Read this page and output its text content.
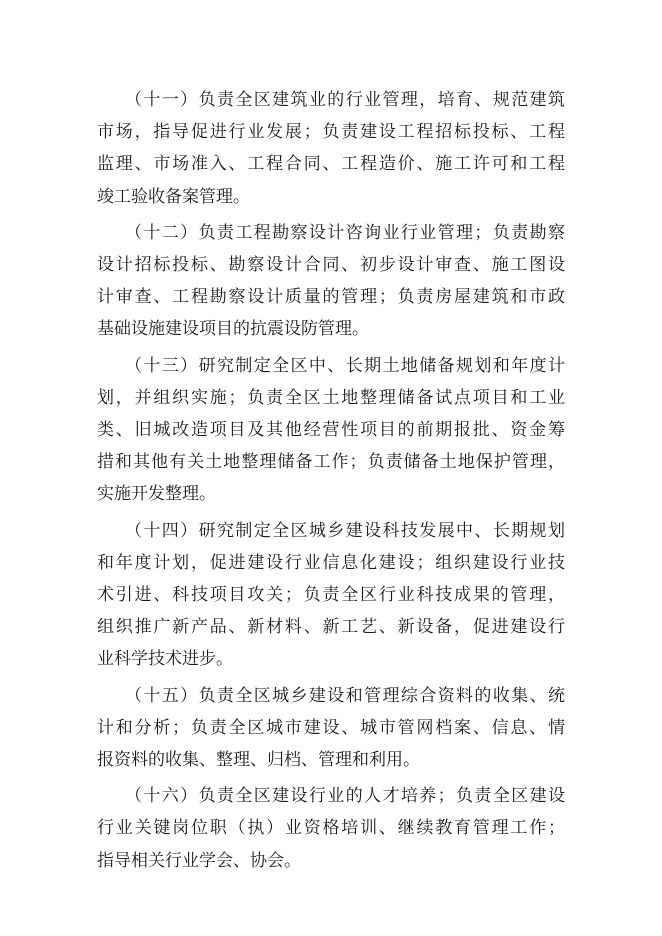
（十一）负责全区建筑业的行业管理，培育、规范建筑
市场，指导促进行业发展；负责建设工程招标投标、工程
监理、市场准入、工程合同、工程造价、施工许可和工程
竣工验收备案管理。

（十二）负责工程勘察设计咨询业行业管理；负责勘察
设计招标投标、勘察设计合同、初步设计审查、施工图设
计审查、工程勘察设计质量的管理；负责房屋建筑和市政
基础设施建设项目的抗震设防管理。

（十三）研究制定全区中、长期土地储备规划和年度计
划，并组织实施；负责全区土地整理储备试点项目和工业
类、旧城改造项目及其他经营性项目的前期报批、资金筹
措和其他有关土地整理储备工作；负责储备土地保护管理，
实施开发整理。

（十四）研究制定全区城乡建设科技发展中、长期规划
和年度计划，促进建设行业信息化建设；组织建设行业技
术引进、科技项目攻关；负责全区行业科技成果的管理，
组织推广新产品、新材料、新工艺、新设备，促进建设行
业科学技术进步。

（十五）负责全区城乡建设和管理综合资料的收集、统
计和分析；负责全区城市建设、城市管网档案、信息、情
报资料的收集、整理、归档、管理和利用。

（十六）负责全区建设行业的人才培养；负责全区建设
行业关键岗位职（执）业资格培训、继续教育管理工作；
指导相关行业学会、协会。
